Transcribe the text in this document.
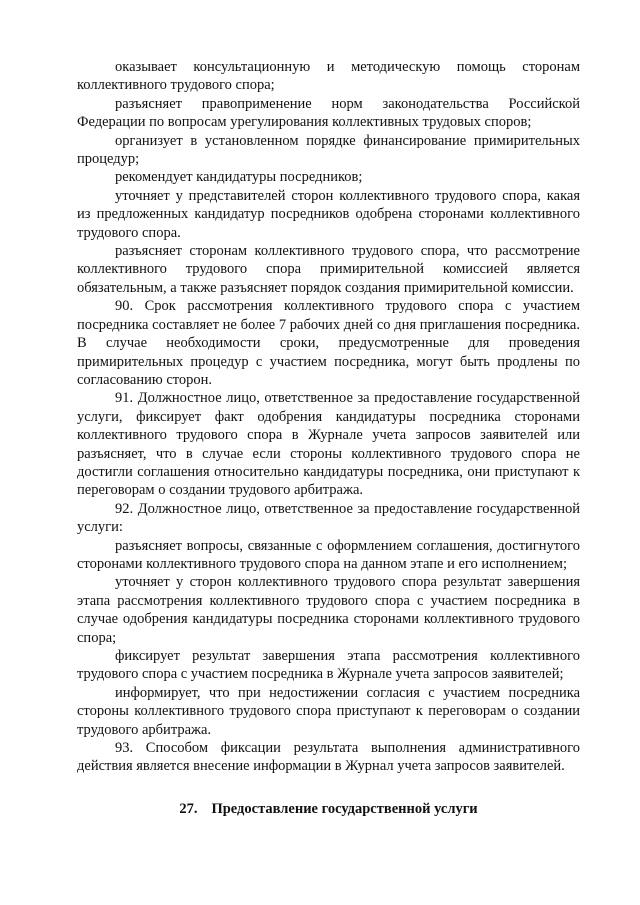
оказывает консультационную и методическую помощь сторонам коллективного трудового спора;

разъясняет правоприменение норм законодательства Российской Федерации по вопросам урегулирования коллективных трудовых споров;

организует в установленном порядке финансирование примирительных процедур;

рекомендует кандидатуры посредников;

уточняет у представителей сторон коллективного трудового спора, какая из предложенных кандидатур посредников одобрена сторонами коллективного трудового спора.

разъясняет сторонам коллективного трудового спора, что рассмотрение коллективного трудового спора примирительной комиссией является обязательным, а также разъясняет порядок создания примирительной комиссии.

90. Срок рассмотрения коллективного трудового спора с участием посредника составляет не более 7 рабочих дней со дня приглашения посредника. В случае необходимости сроки, предусмотренные для проведения примирительных процедур с участием посредника, могут быть продлены по согласованию сторон.

91. Должностное лицо, ответственное за предоставление государственной услуги, фиксирует факт одобрения кандидатуры посредника сторонами коллективного трудового спора в Журнале учета запросов заявителей или разъясняет, что в случае если стороны коллективного трудового спора не достигли соглашения относительно кандидатуры посредника, они приступают к переговорам о создании трудового арбитража.

92. Должностное лицо, ответственное за предоставление государственной услуги:

разъясняет вопросы, связанные с оформлением соглашения, достигнутого сторонами коллективного трудового спора на данном этапе и его исполнением;

уточняет у сторон коллективного трудового спора результат завершения этапа рассмотрения коллективного трудового спора с участием посредника в случае одобрения кандидатуры посредника сторонами коллективного трудового спора;

фиксирует результат завершения этапа рассмотрения коллективного трудового спора с участием посредника в Журнале учета запросов заявителей;

информирует, что при недостижении согласия с участием посредника стороны коллективного трудового спора приступают к переговорам о создании трудового арбитража.

93. Способом фиксации результата выполнения административного действия является внесение информации в Журнал учета запросов заявителей.

27. Предоставление государственной услуги
